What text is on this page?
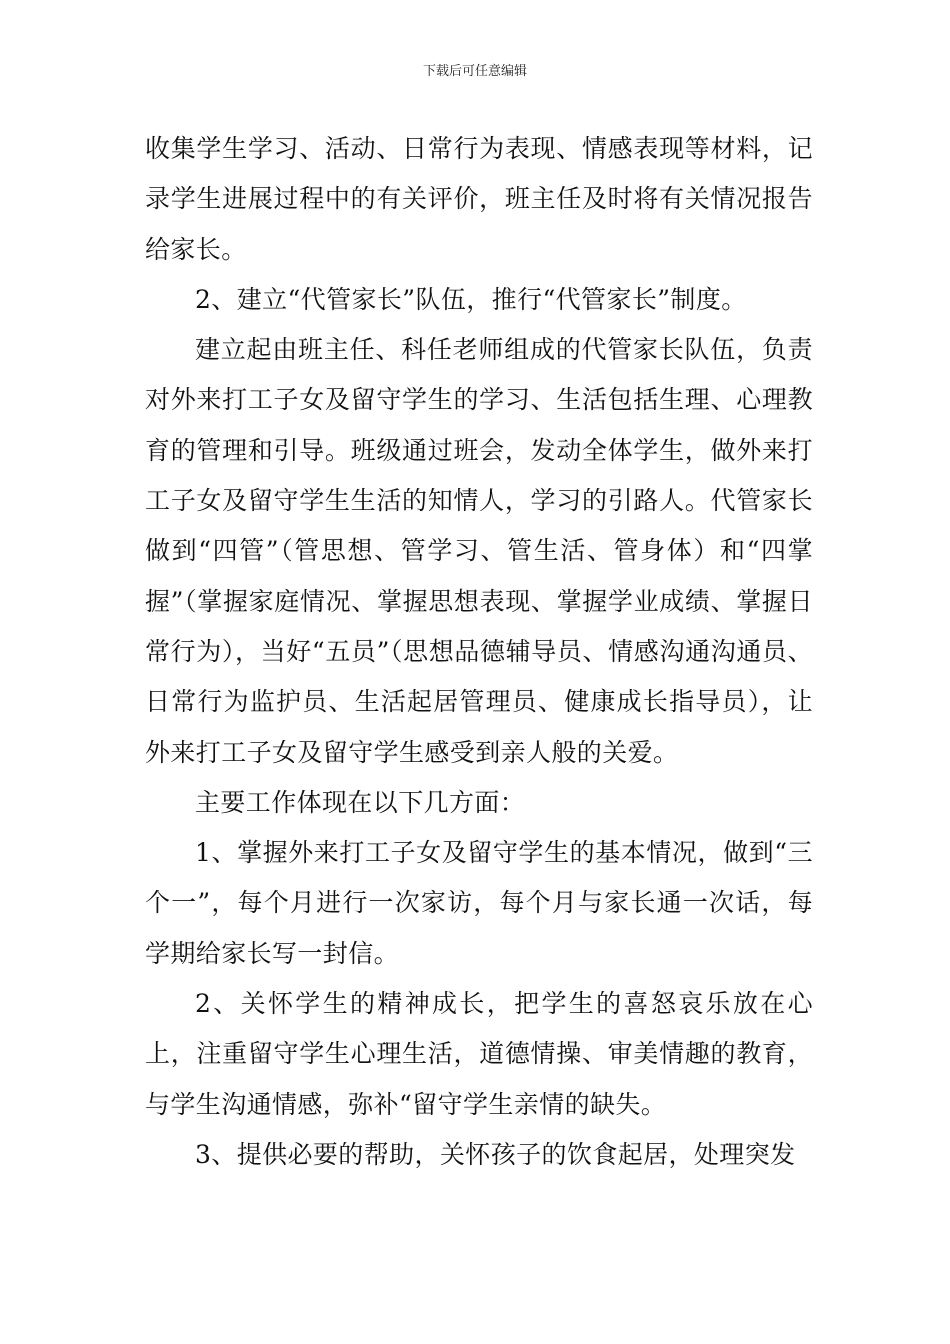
下载后可任意编辑

收集学生学习、活动、日常行为表现、情感表现等材料，记录学生进展过程中的有关评价，班主任及时将有关情况报告给家长。

2、建立“代管家长”队伍，推行“代管家长”制度。

建立起由班主任、科任老师组成的代管家长队伍，负责对外来打工子女及留守学生的学习、生活包括生理、心理教育的管理和引导。班级通过班会，发动全体学生，做外来打工子女及留守学生生活的知情人，学习的引路人。代管家长做到“四管”（管思想、管学习、管生活、管身体）和“四掌握”（掌握家庭情况、掌握思想表现、掌握学业成绩、掌握日常行为），当好“五员”（思想品德辅导员、情感沟通沟通员、日常行为监护员、生活起居管理员、健康成长指导员），让外来打工子女及留守学生感受到亲人般的关爱。

主要工作体现在以下几方面：

1、掌握外来打工子女及留守学生的基本情况，做到“三个一”，每个月进行一次家访，每个月与家长通一次话，每学期给家长写一封信。

2、关怀学生的精神成长，把学生的喜怒哀乐放在心上，注重留守学生心理生活，道德情操、审美情趣的教育，与学生沟通情感，弥补“留守学生亲情的缺失。

3、提供必要的帮助，关怀孩子的饮食起居，处理突发
